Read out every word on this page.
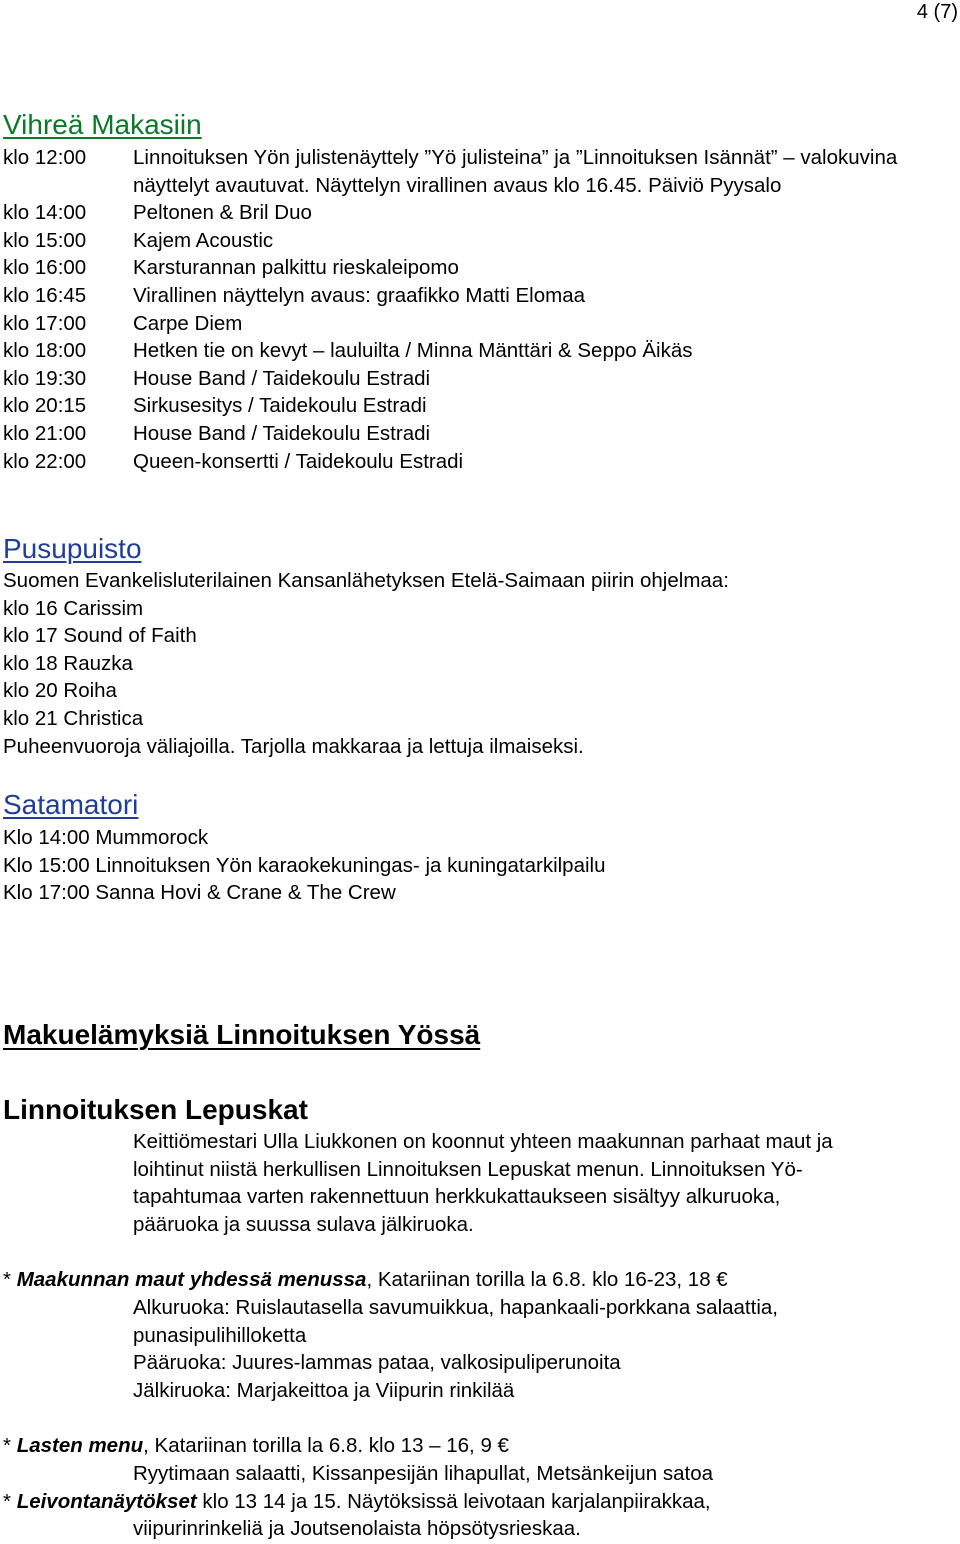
4 (7)
Vihreä Makasiin
klo 12:00	Linnoituksen Yön julistenäyttely ”Yö julisteina” ja ”Linnoituksen Isännät” – valokuvina näyttelyt avautuvat. Näyttelyn virallinen avaus klo 16.45. Päiviö Pyysalo
klo 14:00	Peltonen & Bril Duo
klo 15:00	Kajem Acoustic
klo 16:00	Karsturannan palkittu rieskaleipomo
klo 16:45	Virallinen näyttelyn avaus: graafikko Matti Elomaa
klo 17:00	Carpe Diem
klo 18:00	Hetken tie on kevyt – lauluilta / Minna Mänttäri & Seppo Äikäs
klo 19:30	House Band / Taidekoulu Estradi
klo 20:15	Sirkusesitys / Taidekoulu Estradi
klo 21:00	House Band / Taidekoulu Estradi
klo 22:00	Queen-konsertti / Taidekoulu Estradi
Pusupuisto
Suomen Evankelisluterilainen Kansanlähetyksen Etelä-Saimaan piirin ohjelmaa:
klo 16 Carissim
klo 17 Sound of Faith
klo 18 Rauzka
klo 20 Roiha
klo 21 Christica
Puheenvuoroja väliajoilla. Tarjolla makkaraa ja lettuja ilmaiseksi.
Satamatori
Klo 14:00 Mummorock
Klo 15:00 Linnoituksen Yön karaokekuningas- ja kuningatarkilpailu
Klo 17:00 Sanna Hovi & Crane & The Crew
Makuelämyksiä Linnoituksen Yössä
Linnoituksen Lepuskat
Keittiömestari Ulla Liukkonen on koonnut yhteen maakunnan parhaat maut ja
loihtinut niistä herkullisen Linnoituksen Lepuskat menun. Linnoituksen Yö-
tapahtumaa varten rakennettuun herkkukattaukseen sisältyy alkuruoka,
pääruoka ja suussa sulava jälkiruoka.
* Maakunnan maut yhdessä menussa, Katariinan torilla la 6.8. klo 16-23, 18 €
Alkuruoka: Ruislautasella savumuikkua, hapankaali-porkkana salaattia,
punasipulihilloketta
Pääruoka: Juures-lammas pataa, valkosipuliperunoita
Jälkiruoka: Marjakeittoa ja Viipurin rinkilää
* Lasten menu, Katariinan torilla la 6.8. klo 13 – 16, 9 €
Ryytimaan salaatti, Kissanpesijän lihapullat, Metsänkeijun satoa
* Leivontanäytökset klo 13 14 ja 15. Näytöksissä leivotaan karjalanpiirakkaa,
viipurinrinkeliä ja Joutsenolaista höpsötysrieskaa.
